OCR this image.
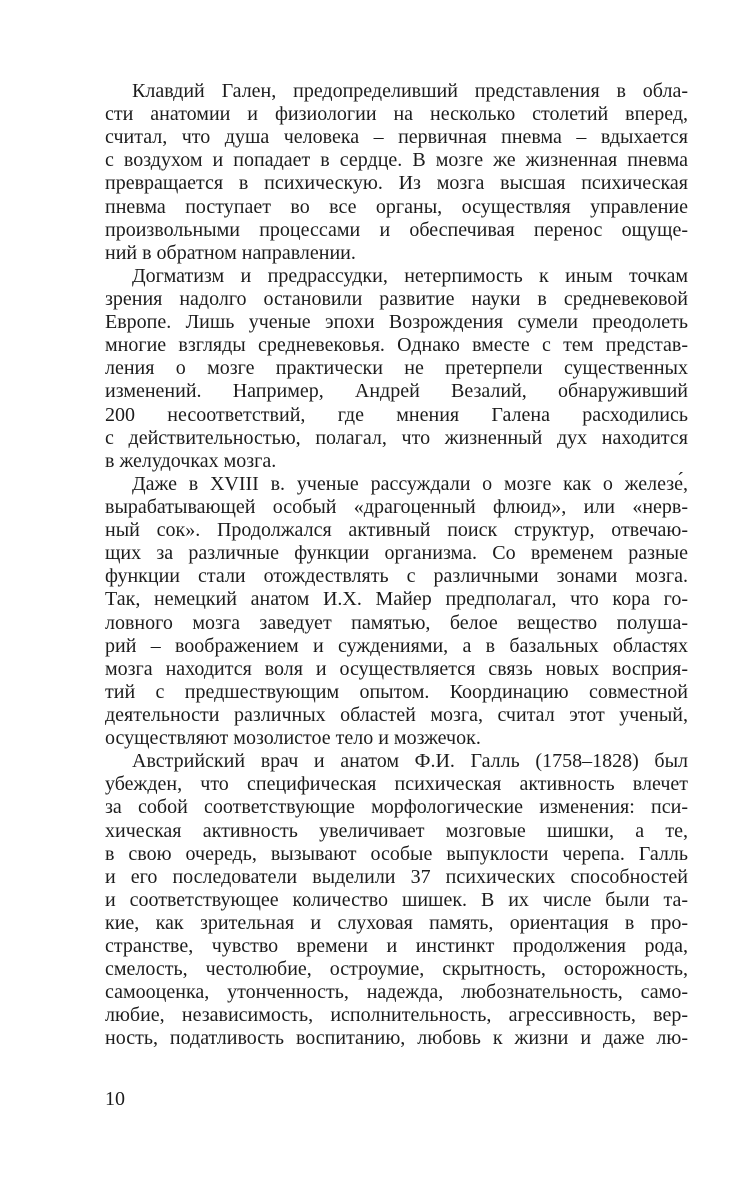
Клавдий Гален, предопределивший представления в обла-
сти анатомии и физиологии на несколько столетий вперед,
считал, что душа человека – первичная пневма – вдыхается
с воздухом и попадает в сердце. В мозге же жизненная пневма
превращается в психическую. Из мозга высшая психическая
пневма поступает во все органы, осуществляя управление
произвольными процессами и обеспечивая перенос ощуще-
ний в обратном направлении.
Догматизм и предрассудки, нетерпимость к иным точкам
зрения надолго остановили развитие науки в средневековой
Европе. Лишь ученые эпохи Возрождения сумели преодолеть
многие взгляды средневековья. Однако вместе с тем представ-
ления о мозге практически не претерпели существенных
изменений. Например, Андрей Везалий, обнаруживший
200 несоответствий, где мнения Галена расходились
с действительностью, полагал, что жизненный дух находится
в желудочках мозга.
Даже в XVIII в. ученые рассуждали о мозге как о железе́,
вырабатывающей особый «драгоценный флюид», или «нерв-
ный сок». Продолжался активный поиск структур, отвечаю-
щих за различные функции организма. Со временем разные
функции стали отождествлять с различными зонами мозга.
Так, немецкий анатом И.Х. Майер предполагал, что кора го-
ловного мозга заведует памятью, белое вещество полуша-
рий – воображением и суждениями, а в базальных областях
мозга находится воля и осуществляется связь новых восприя-
тий с предшествующим опытом. Координацию совместной
деятельности различных областей мозга, считал этот ученый,
осуществляют мозолистое тело и мозжечок.
Австрийский врач и анатом Ф.И. Галль (1758–1828) был
убежден, что специфическая психическая активность влечет
за собой соответствующие морфологические изменения: пси-
хическая активность увеличивает мозговые шишки, а те,
в свою очередь, вызывают особые выпуклости черепа. Галль
и его последователи выделили 37 психических способностей
и соответствующее количество шишек. В их числе были та-
кие, как зрительная и слуховая память, ориентация в про-
странстве, чувство времени и инстинкт продолжения рода,
смелость, честолюбие, остроумие, скрытность, осторожность,
самооценка, утонченность, надежда, любознательность, само-
любие, независимость, исполнительность, агрессивность, вер-
ность, податливость воспитанию, любовь к жизни и даже лю-
10
